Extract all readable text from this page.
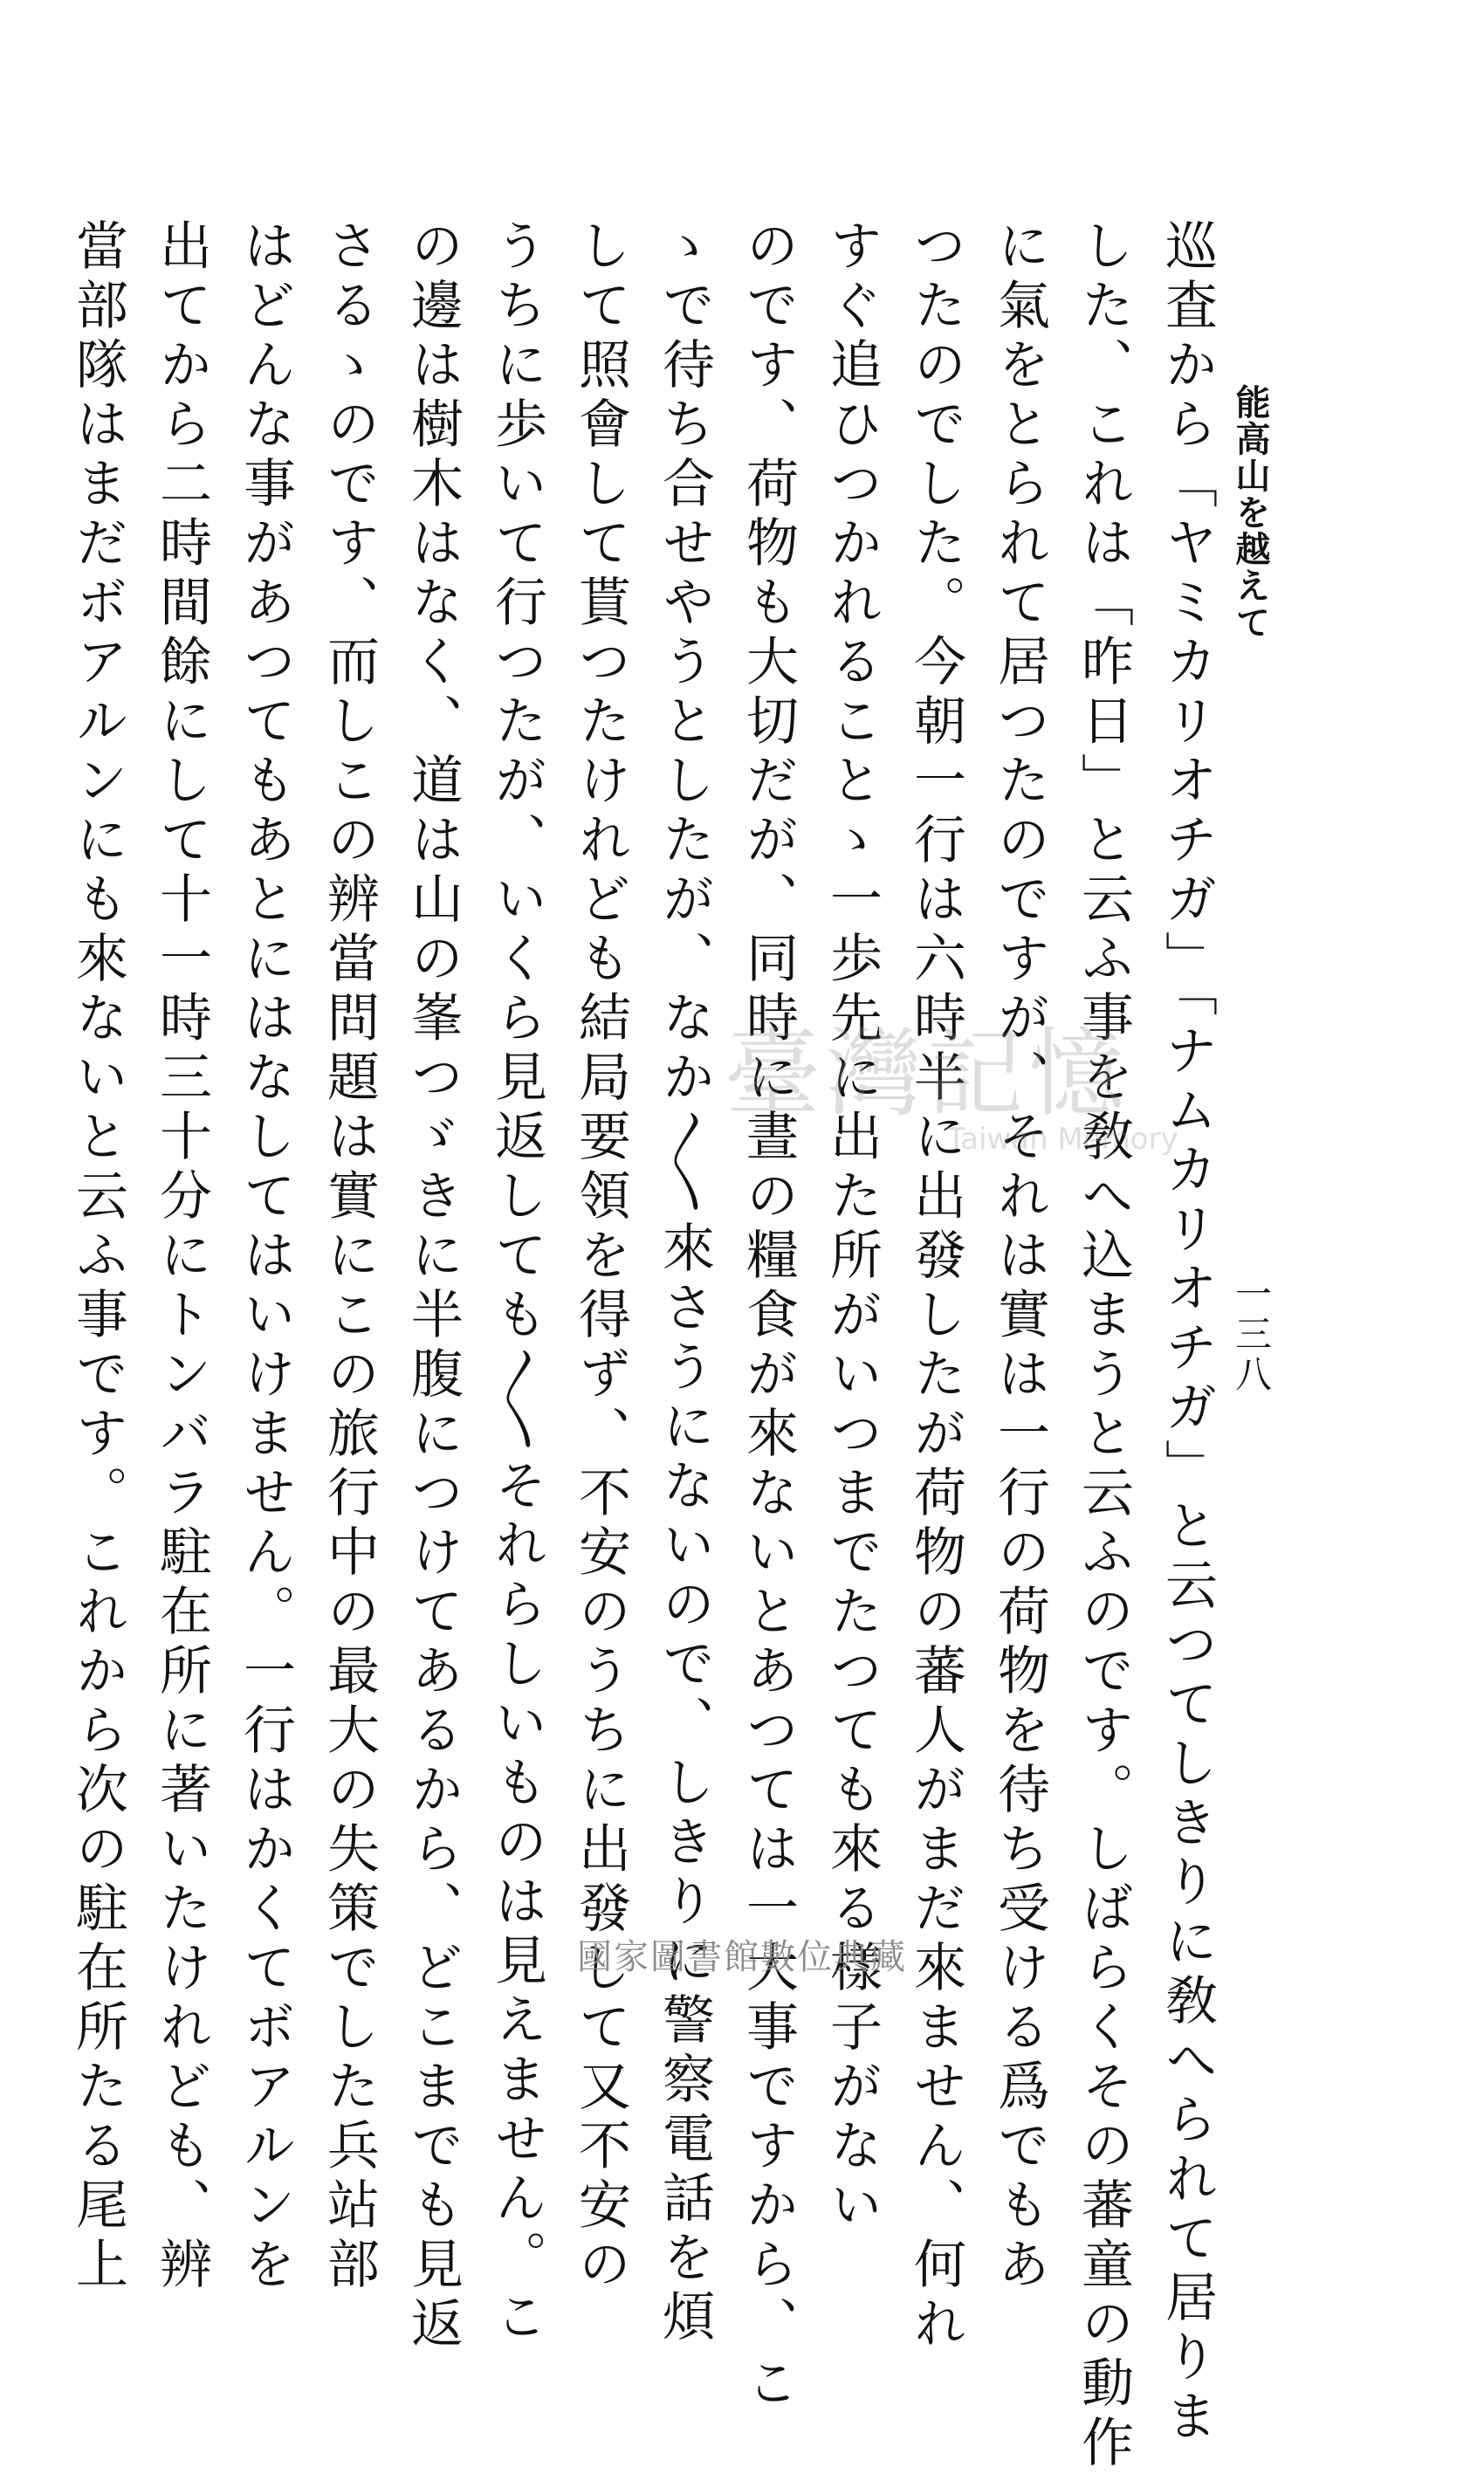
能高山を越えて
一三八
巡査から「ヤミカリオチガ」「ナムカリオチガ」と云つてしきりに敎へられて居りま
した、これは「昨日」と云ふ事を敎へ込まうと云ふのです。しばらくその蕃童の動作
に氣をとられて居つたのですが、それは實は一行の荷物を待ち受ける爲でもあ
つたのでした。今朝一行は六時半に出發したが荷物の蕃人がまだ來ません、何れ
すぐ追ひつかれることゝ一歩先に出た所がいつまでたつても來る樣子がない
のです、荷物も大切だが、同時に晝の糧食が來ないとあつては一大事ですから、こ
ゝで待ち合せやうとしたが、なか〳〵來さうにないので、しきりに警察電話を煩
して照會して貰つたけれども結局要領を得ず、不安のうちに出發して又不安の
うちに歩いて行つたが、いくら見返しても〳〵それらしいものは見えません。こ
の邊は樹木はなく、道は山の峯つゞきに半腹につけてあるから、どこまでも見返
さるゝのです、而しこの辨當問題は實にこの旅行中の最大の失策でした兵站部
はどんな事があつてもあとにはなしてはいけません。一行はかくてボアルンを
出てから二時間餘にして十一時三十分にトンバラ駐在所に著いたけれども、辨
當部隊はまだボアルンにも來ないと云ふ事です。これから次の駐在所たる尾上	臺灣記憶
Taiwan Memory
國家圖書館數位典藏
